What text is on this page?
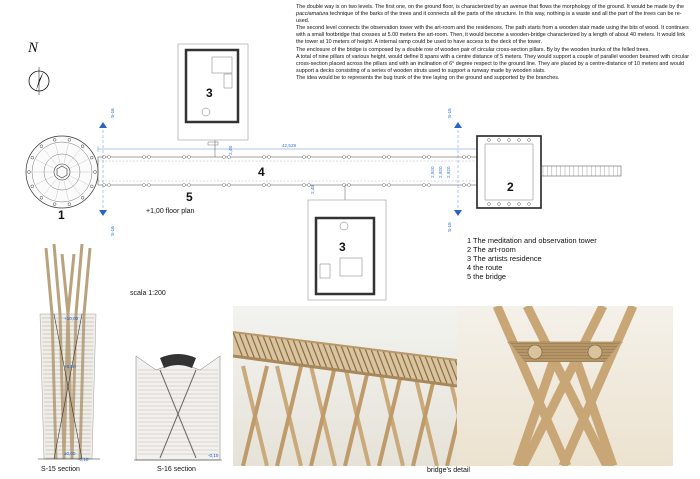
The double way is on two levels. The first one, on the ground floor, is characterized by an avenue that flows the morphology of the ground. It would be made by the pacciamatura technique of the barks of the trees and it connects all the parts of the structure. In this way, nothing is a waste and all the part of the trees can be re-used.

The second level connects the observation tower with the art-room and the residences. The path starts from a wooden stair made using the bits of wood. It continues with a small footbridge that crosses at 5.00 meters the art-room. Then, it would become a wooden-bridge characterized by a length of about 40 meters. It would link the tower at 10 meters of height. A internal ramp could be used to have access to the deck of the tower.

The enclosure of the bridge is composed by a double row of wooden pair of circular cross-section pillars. By by the wooden trunks of the felled trees.

A total of nine pillars of various height, would define 8 spans with a centre distance of 5 meters. They would support a couple of parallel wooden beamed with circular cross-section placed across the pillars and with an inclination of 6° degree respect to the ground line. They are placed by a centre-distance of 10 meters and would support a decks consisting of a series of wooden struts used to support a runway made by wooden slats.

The idea would be to represents the bug trunk of the tree laying on the ground and supported by the branches.

N
42,529
2,48
2,48
2,920 2,920 2,920
S-16
S-16
S-15
S-15
1
2
3
3
4
5
+1,00 floor plan
1 The meditation and observation tower
2 The art-room
3 The artists residence
4 the route
5 the bridge
scala 1:200
+10,00
+5,00
±0,00
-0,10
S-15 section
-0,10
S-16 section	bridge's detail
